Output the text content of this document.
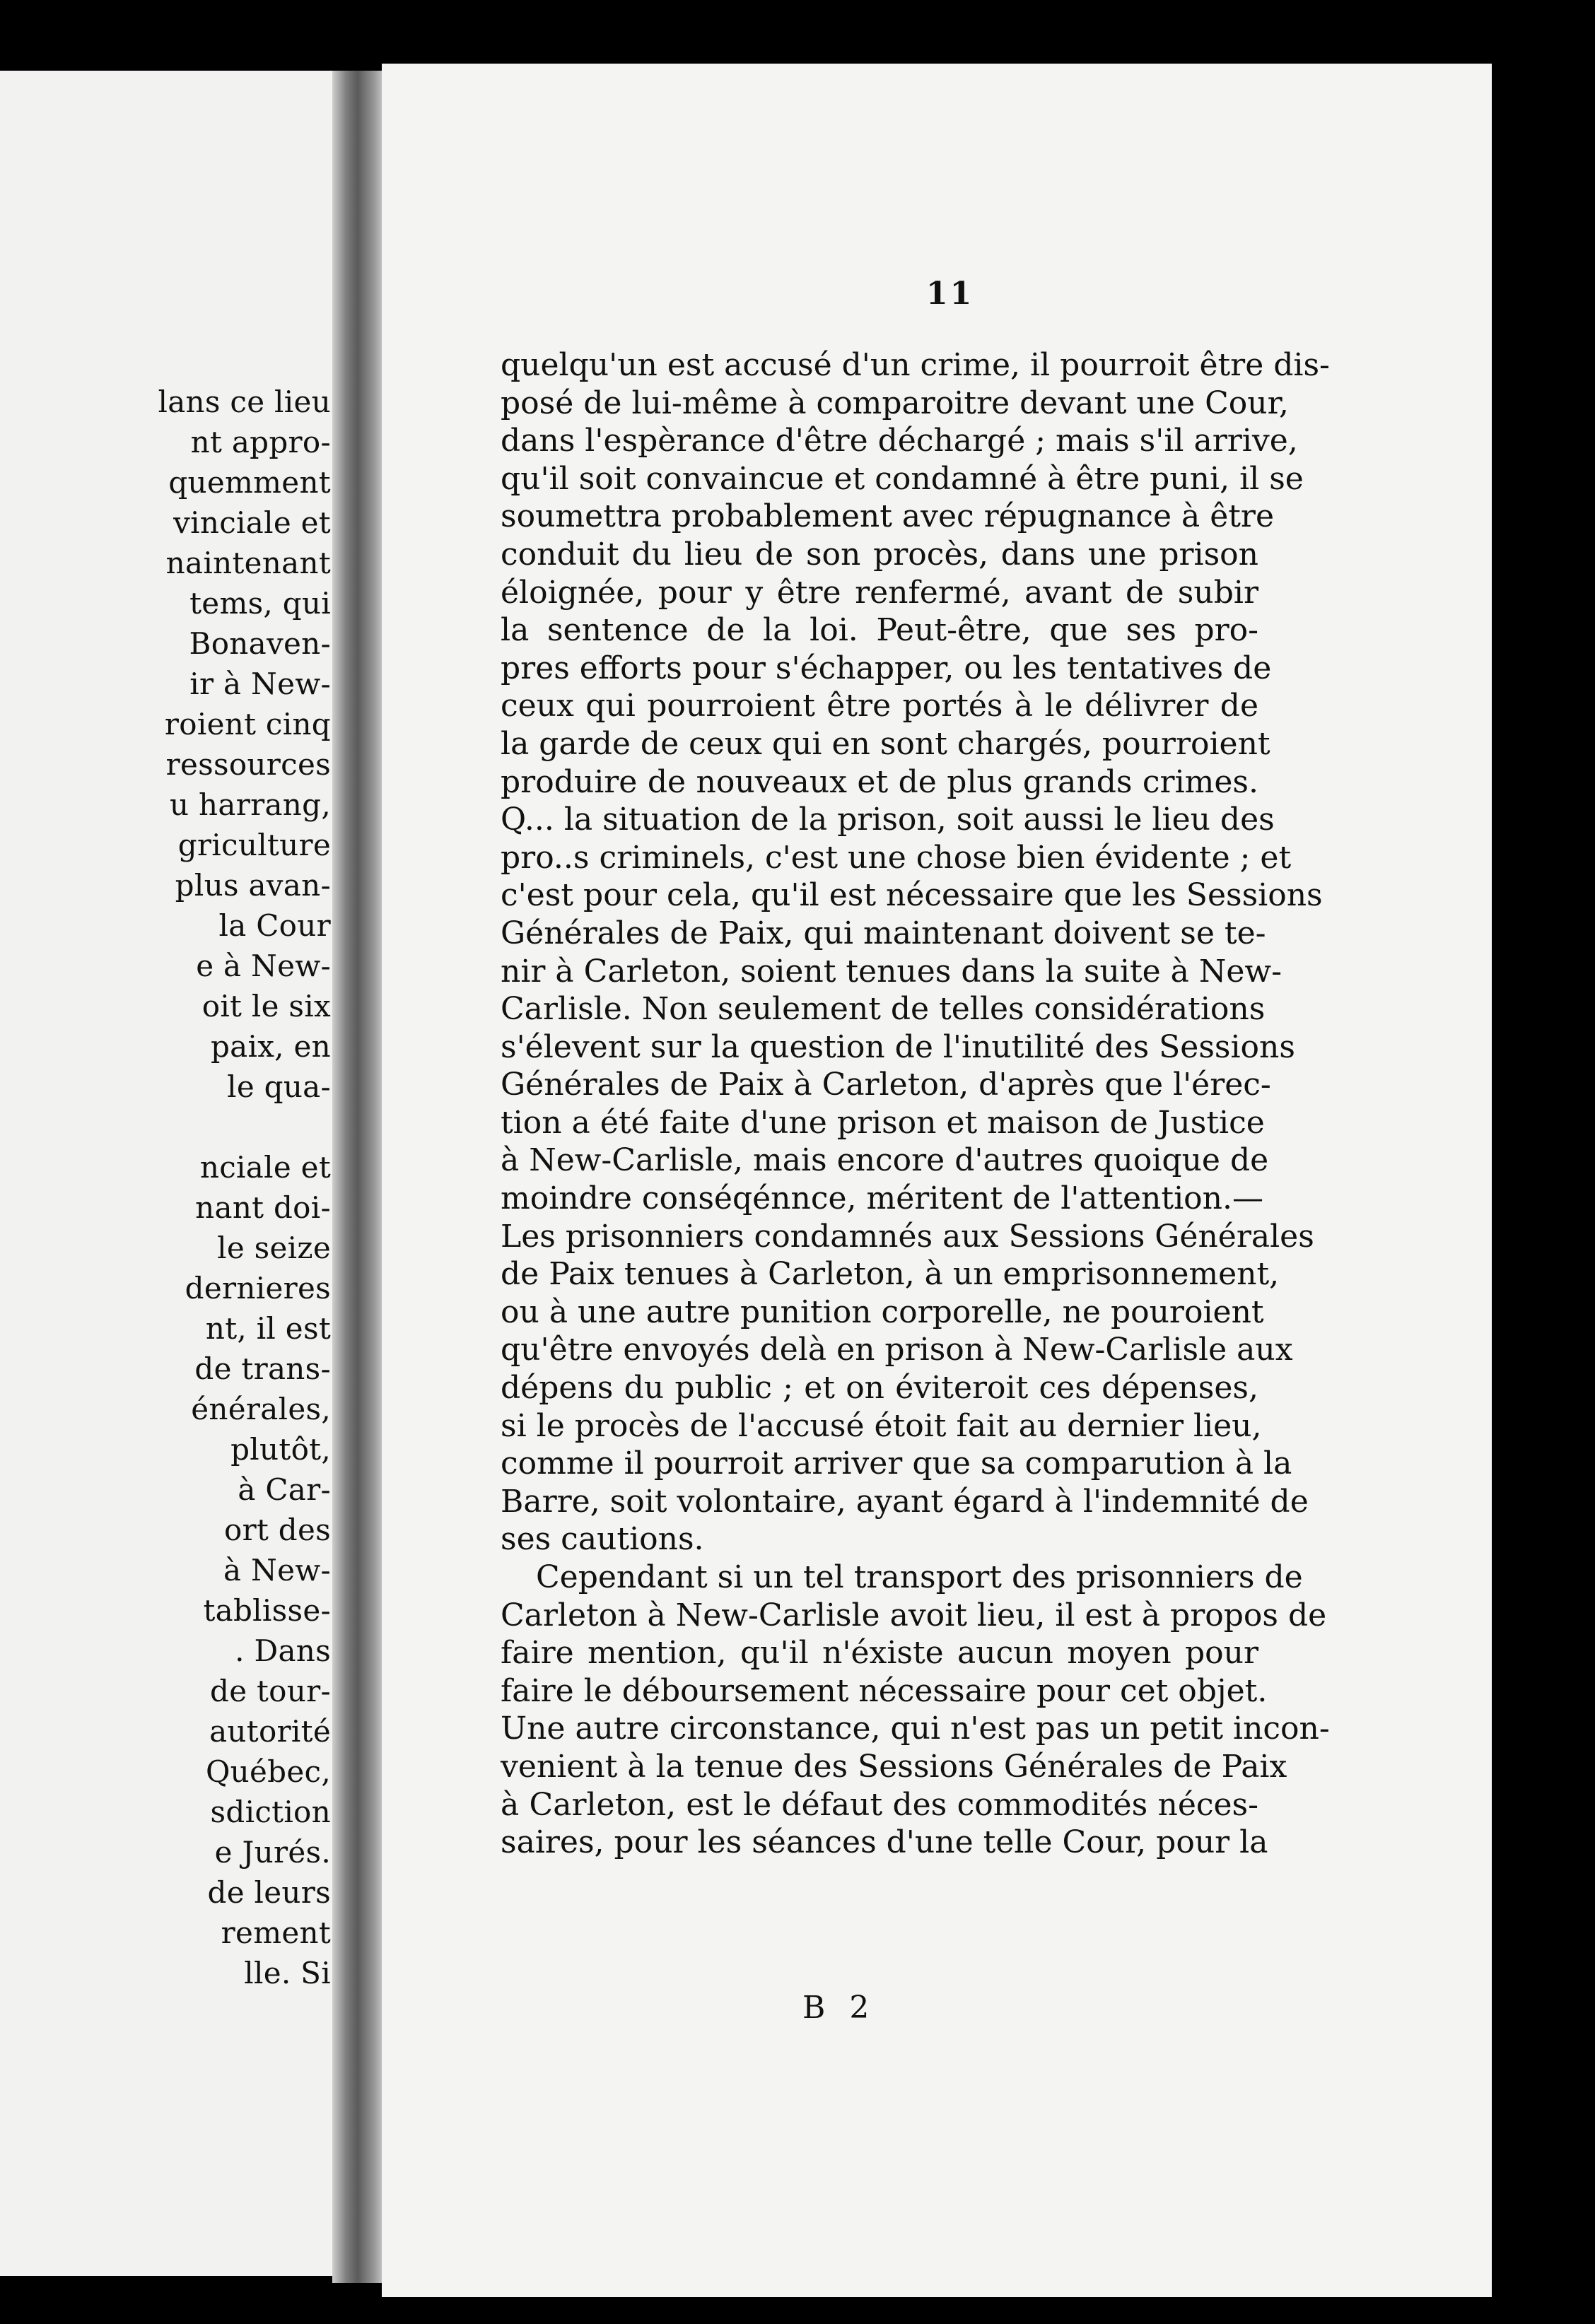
lans ce lieu
nt appro-
quemment
vinciale et
naintenant
tems, qui
Bonaven-
ir à New-
roient cinq
ressources
u harrang,
griculture
plus avan-
la Cour
e à New-
oit le six
paix, en
le qua-
nciale et
nant doi-
le seize
dernieres
nt, il est
de trans-
énérales,
plutôt,
à Car-
ort des
à New-
tablisse-
. Dans
de tour-
autorité
Québec,
sdiction
e Jurés.
de leurs
rement
lle. Si
11
quelqu'un est accusé d'un crime, il pourroit être dis-
posé de lui-même à comparoitre devant une Cour,
dans l'espèrance d'être déchargé ; mais s'il arrive,
qu'il soit convaincue et condamné à être puni, il se
soumettra probablement avec répugnance à être
conduit du lieu de son procès, dans une prison
éloignée, pour y être renfermé, avant de subir
la sentence de la loi. Peut-être, que ses pro-
pres efforts pour s'échapper, ou les tentatives de
ceux qui pourroient être portés à le délivrer de
la garde de ceux qui en sont chargés, pourroient
produire de nouveaux et de plus grands crimes.
Q... la situation de la prison, soit aussi le lieu des
pro..s criminels, c'est une chose bien évidente ; et
c'est pour cela, qu'il est nécessaire que les Sessions
Générales de Paix, qui maintenant doivent se te-
nir à Carleton, soient tenues dans la suite à New-
Carlisle. Non seulement de telles considérations
s'élevent sur la question de l'inutilité des Sessions
Générales de Paix à Carleton, d'après que l'érec-
tion a été faite d'une prison et maison de Justice
à New-Carlisle, mais encore d'autres quoique de
moindre conséqénnce, méritent de l'attention.—
Les prisonniers condamnés aux Sessions Générales
de Paix tenues à Carleton, à un emprisonnement,
ou à une autre punition corporelle, ne pouroient
qu'être envoyés delà en prison à New-Carlisle aux
dépens du public ; et on éviteroit ces dépenses,
si le procès de l'accusé étoit fait au dernier lieu,
comme il pourroit arriver que sa comparution à la
Barre, soit volontaire, ayant égard à l'indemnité de
ses cautions.
Cependant si un tel transport des prisonniers de
Carleton à New-Carlisle avoit lieu, il est à propos de
faire mention, qu'il n'éxiste aucun moyen pour
faire le déboursement nécessaire pour cet objet.
Une autre circonstance, qui n'est pas un petit incon-
venient à la tenue des Sessions Générales de Paix
à Carleton, est le défaut des commodités néces-
saires, pour les séances d'une telle Cour, pour la
B 2
